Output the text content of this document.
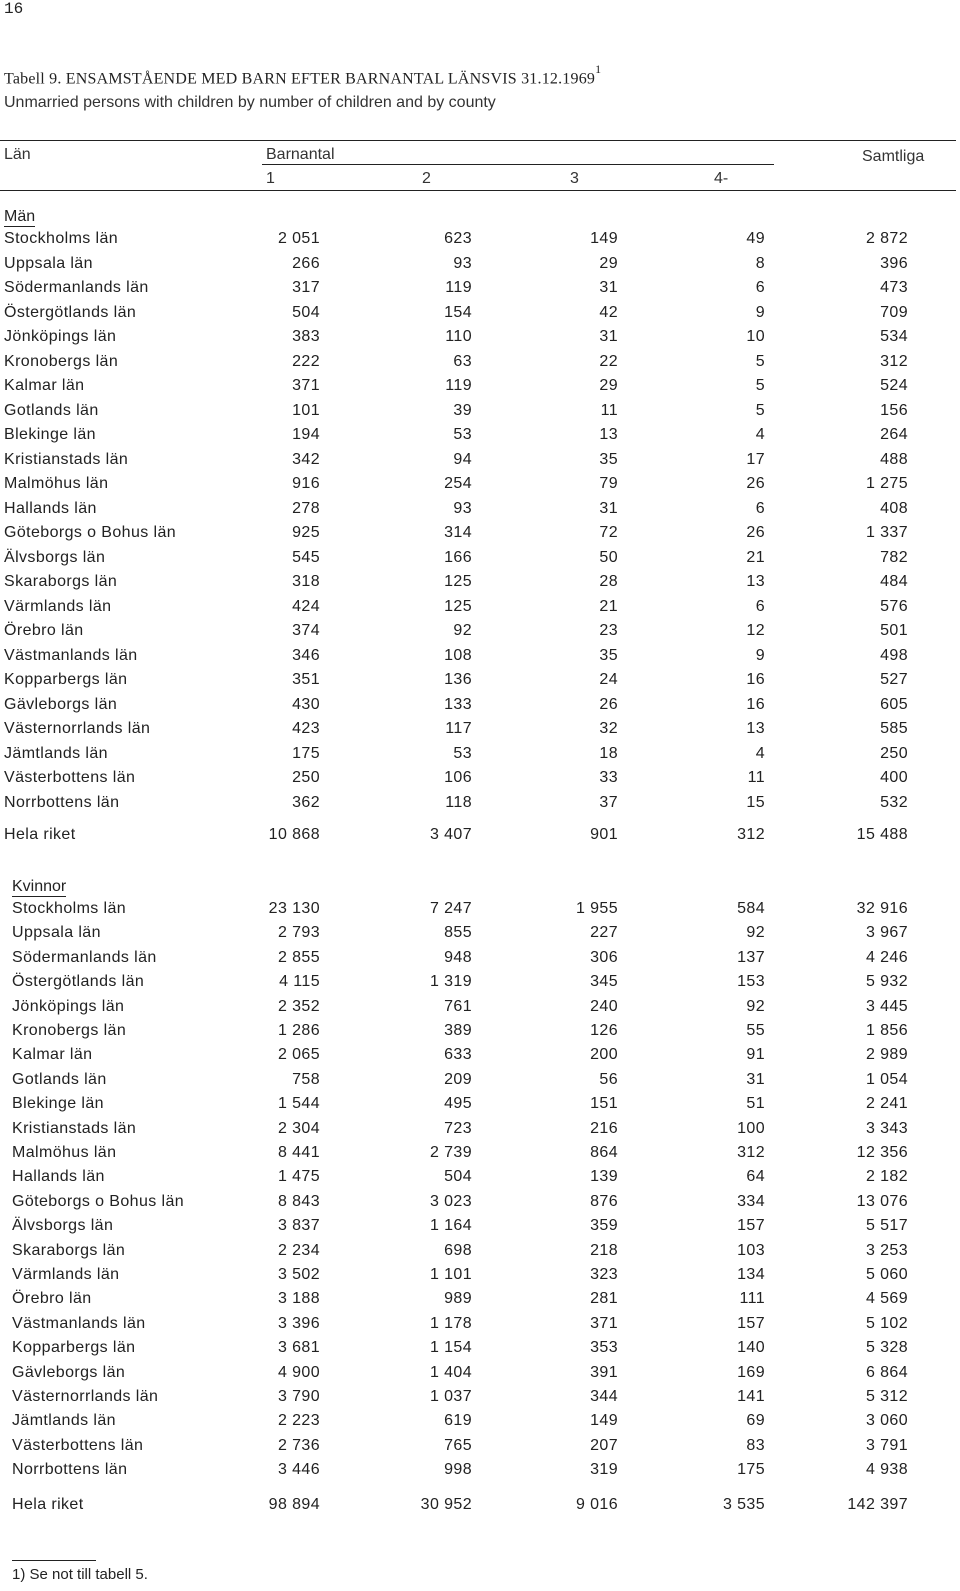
16
Tabell 9. ENSAMSTÅENDE MED BARN EFTER BARNANTAL LÄNSVIS 31.12.1969$^1$
Unmarried persons with children by number of children and by county
Län	Barnantal	Samtliga
1	2	3	4-
Män
Stockholms län	2 051	623	149	49	2 872
Uppsala län	266	93	29	8	396
Södermanlands län	317	119	31	6	473
Östergötlands län	504	154	42	9	709
Jönköpings län	383	110	31	10	534
Kronobergs län	222	63	22	5	312
Kalmar län	371	119	29	5	524
Gotlands län	101	39	11	5	156
Blekinge län	194	53	13	4	264
Kristianstads län	342	94	35	17	488
Malmöhus län	916	254	79	26	1 275
Hallands län	278	93	31	6	408
Göteborgs o Bohus län	925	314	72	26	1 337
Älvsborgs län	545	166	50	21	782
Skaraborgs län	318	125	28	13	484
Värmlands län	424	125	21	6	576
Örebro län	374	92	23	12	501
Västmanlands län	346	108	35	9	498
Kopparbergs län	351	136	24	16	527
Gävleborgs län	430	133	26	16	605
Västernorrlands län	423	117	32	13	585
Jämtlands län	175	53	18	4	250
Västerbottens län	250	106	33	11	400
Norrbottens län	362	118	37	15	532
Hela riket	10 868	3 407	901	312	15 488
Kvinnor
Stockholms län	23 130	7 247	1 955	584	32 916
Uppsala län	2 793	855	227	92	3 967
Södermanlands län	2 855	948	306	137	4 246
Östergötlands län	4 115	1 319	345	153	5 932
Jönköpings län	2 352	761	240	92	3 445
Kronobergs län	1 286	389	126	55	1 856
Kalmar län	2 065	633	200	91	2 989
Gotlands län	758	209	56	31	1 054
Blekinge län	1 544	495	151	51	2 241
Kristianstads län	2 304	723	216	100	3 343
Malmöhus län	8 441	2 739	864	312	12 356
Hallands län	1 475	504	139	64	2 182
Göteborgs o Bohus län	8 843	3 023	876	334	13 076
Älvsborgs län	3 837	1 164	359	157	5 517
Skaraborgs län	2 234	698	218	103	3 253
Värmlands län	3 502	1 101	323	134	5 060
Örebro län	3 188	989	281	111	4 569
Västmanlands län	3 396	1 178	371	157	5 102
Kopparbergs län	3 681	1 154	353	140	5 328
Gävleborgs län	4 900	1 404	391	169	6 864
Västernorrlands län	3 790	1 037	344	141	5 312
Jämtlands län	2 223	619	149	69	3 060
Västerbottens län	2 736	765	207	83	3 791
Norrbottens län	3 446	998	319	175	4 938
Hela riket	98 894	30 952	9 016	3 535	142 397
1) Se not till tabell 5.
